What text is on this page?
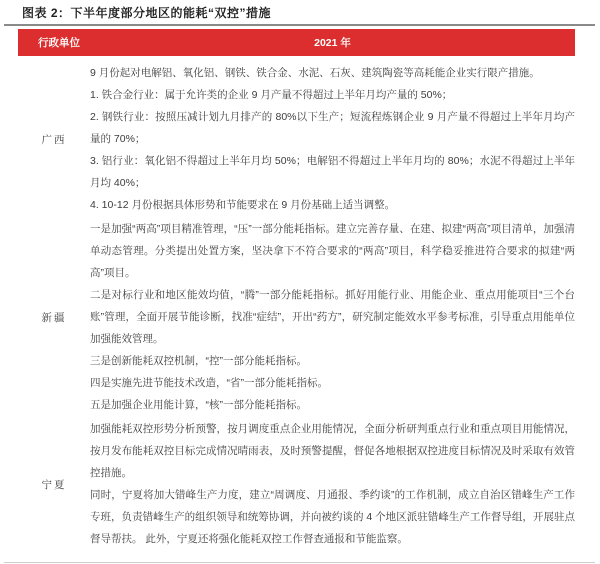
图表 2：下半年度部分地区的能耗“双控”措施
行政单位	2021 年
广西

9 月份起对电解铝、氧化铝、钢铁、铁合金、水泥、石灰、建筑陶瓷等高耗能企业实行限产措施。

1. 铁合金行业：属于允许类的企业 9 月产量不得超过上半年月均产量的 50%；

2. 钢铁行业：按照压减计划九月排产的 80%以下生产；短流程炼钢企业 9 月产量不得超过上半年月均产量的 70%；

3. 铝行业：氧化铝不得超过上半年月均 50%；电解铝不得超过上半年月均的 80%；水泥不得超过上半年月均 40%；

4. 10-12 月份根据具体形势和节能要求在 9 月份基础上适当调整。

新疆

一是加强“两高”项目精准管理，“压”一部分能耗指标。建立完善存量、在建、拟建“两高”项目清单，加强清单动态管理。分类提出处置方案，坚决拿下不符合要求的“两高”项目，科学稳妥推进符合要求的拟建“两高”项目。

二是对标行业和地区能效均值，“腾”一部分能耗指标。抓好用能行业、用能企业、重点用能项目“三个台账”管理，全面开展节能诊断，找准“症结”，开出“药方”，研究制定能效水平参考标准，引导重点用能单位加强能效管理。

三是创新能耗双控机制，“控”一部分能耗指标。

四是实施先进节能技术改造，“省”一部分能耗指标。

五是加强企业用能计算，“核”一部分能耗指标。

宁夏

加强能耗双控形势分析预警，按月调度重点企业用能情况，全面分析研判重点行业和重点项目用能情况，按月发布能耗双控目标完成情况晴雨表，及时预警提醒，督促各地根据双控进度目标情况及时采取有效管控措施。

同时，宁夏将加大错峰生产力度，建立“周调度、月通报、季约谈”的工作机制，成立自治区错峰生产工作专班，负责错峰生产的组织领导和统筹协调，并向被约谈的 4 个地区派驻错峰生产工作督导组，开展驻点督导帮扶。 此外，宁夏还将强化能耗双控工作督查通报和节能监察。
